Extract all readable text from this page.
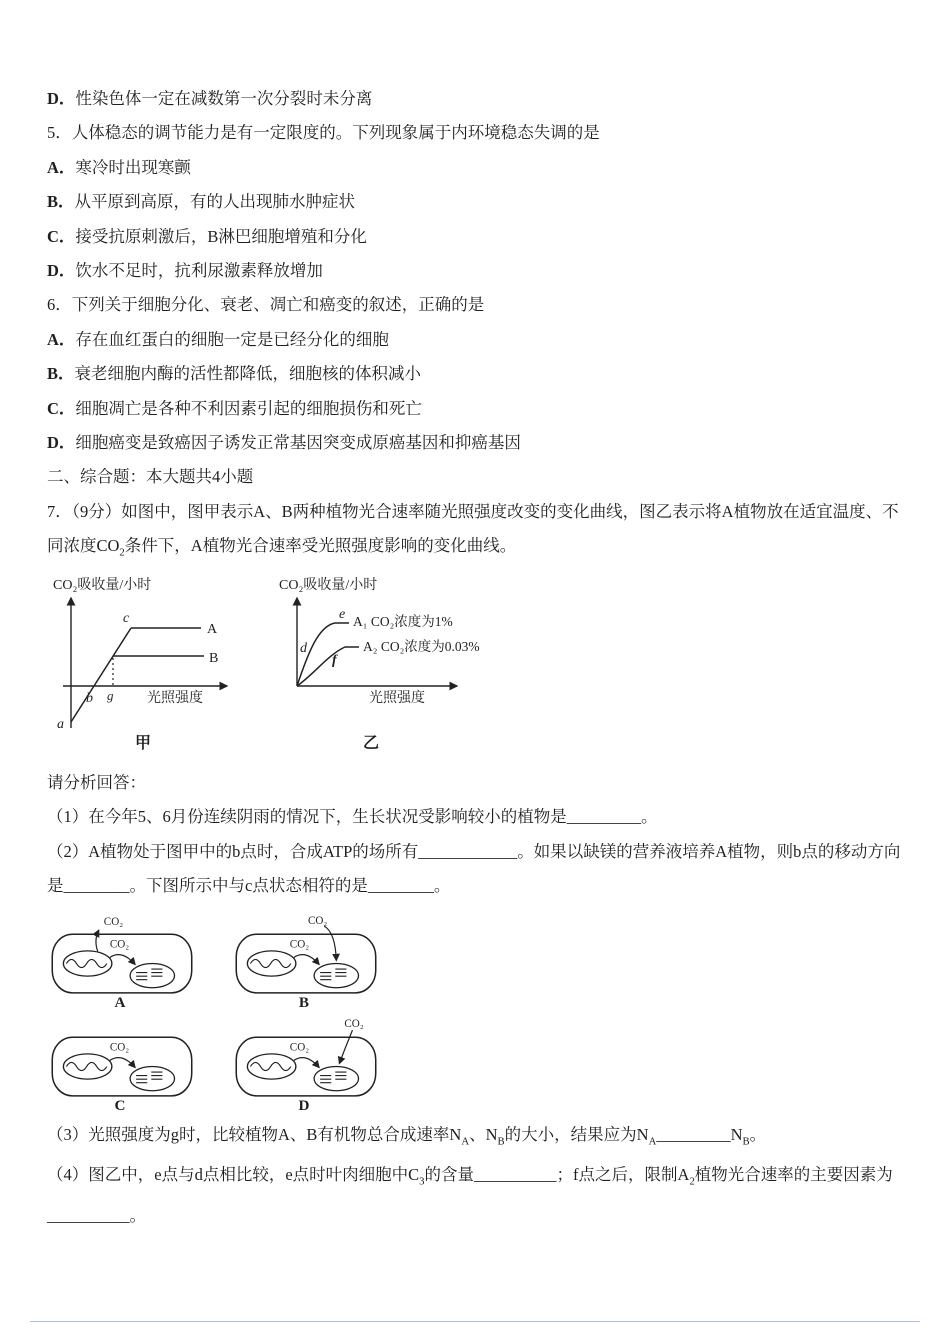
D．性染色体一定在减数第一次分裂时未分离

5．人体稳态的调节能力是有一定限度的。下列现象属于内环境稳态失调的是

A．寒冷时出现寒颤

B．从平原到高原，有的人出现肺水肿症状

C．接受抗原刺激后，B淋巴细胞增殖和分化

D．饮水不足时，抗利尿激素释放增加

6．下列关于细胞分化、衰老、凋亡和癌变的叙述，正确的是

A．存在血红蛋白的细胞一定是已经分化的细胞

B．衰老细胞内酶的活性都降低，细胞核的体积减小

C．细胞凋亡是各种不利因素引起的细胞损伤和死亡

D．细胞癌变是致癌因子诱发正常基因突变成原癌基因和抑癌基因

二、综合题：本大题共4小题

7．（9分）如图中，图甲表示A、B两种植物光合速率随光照强度改变的变化曲线，图乙表示将A植物放在适宜温度、不同浓度$CO_2$条件下，A植物光合速率受光照强度影响的变化曲线。

CO₂吸收量/小时
a
b g
c
A
B
光照强度
甲
CO₂吸收量/小时
d
e
f
A₁ CO₂浓度为1%
A₂ CO₂浓度为0.03%
光照强度
乙

请分析回答：

（1）在今年5、6月份连续阴雨的情况下，生长状况受影响较小的植物是_________。

（2）A植物处于图甲中的b点时，合成ATP的场所有____________。如果以缺镁的营养液培养A植物，则b点的移动方向是________。下图所示中与c点状态相符的是________。

CO₂
CO₂
A
CO₂
CO₂
B
CO₂
C
CO₂
CO₂
D

（3）光照强度为g时，比较植物A、B有机物总合成速率$N_A$、$N_B$的大小，结果应为$N_A\_\_\_\_\_\_\_\_\_N_B$。

（4）图乙中，e点与d点相比较，e点时叶肉细胞中$C_3$的含量__________；f点之后，限制$A_2$植物光合速率的主要因素为__________。
